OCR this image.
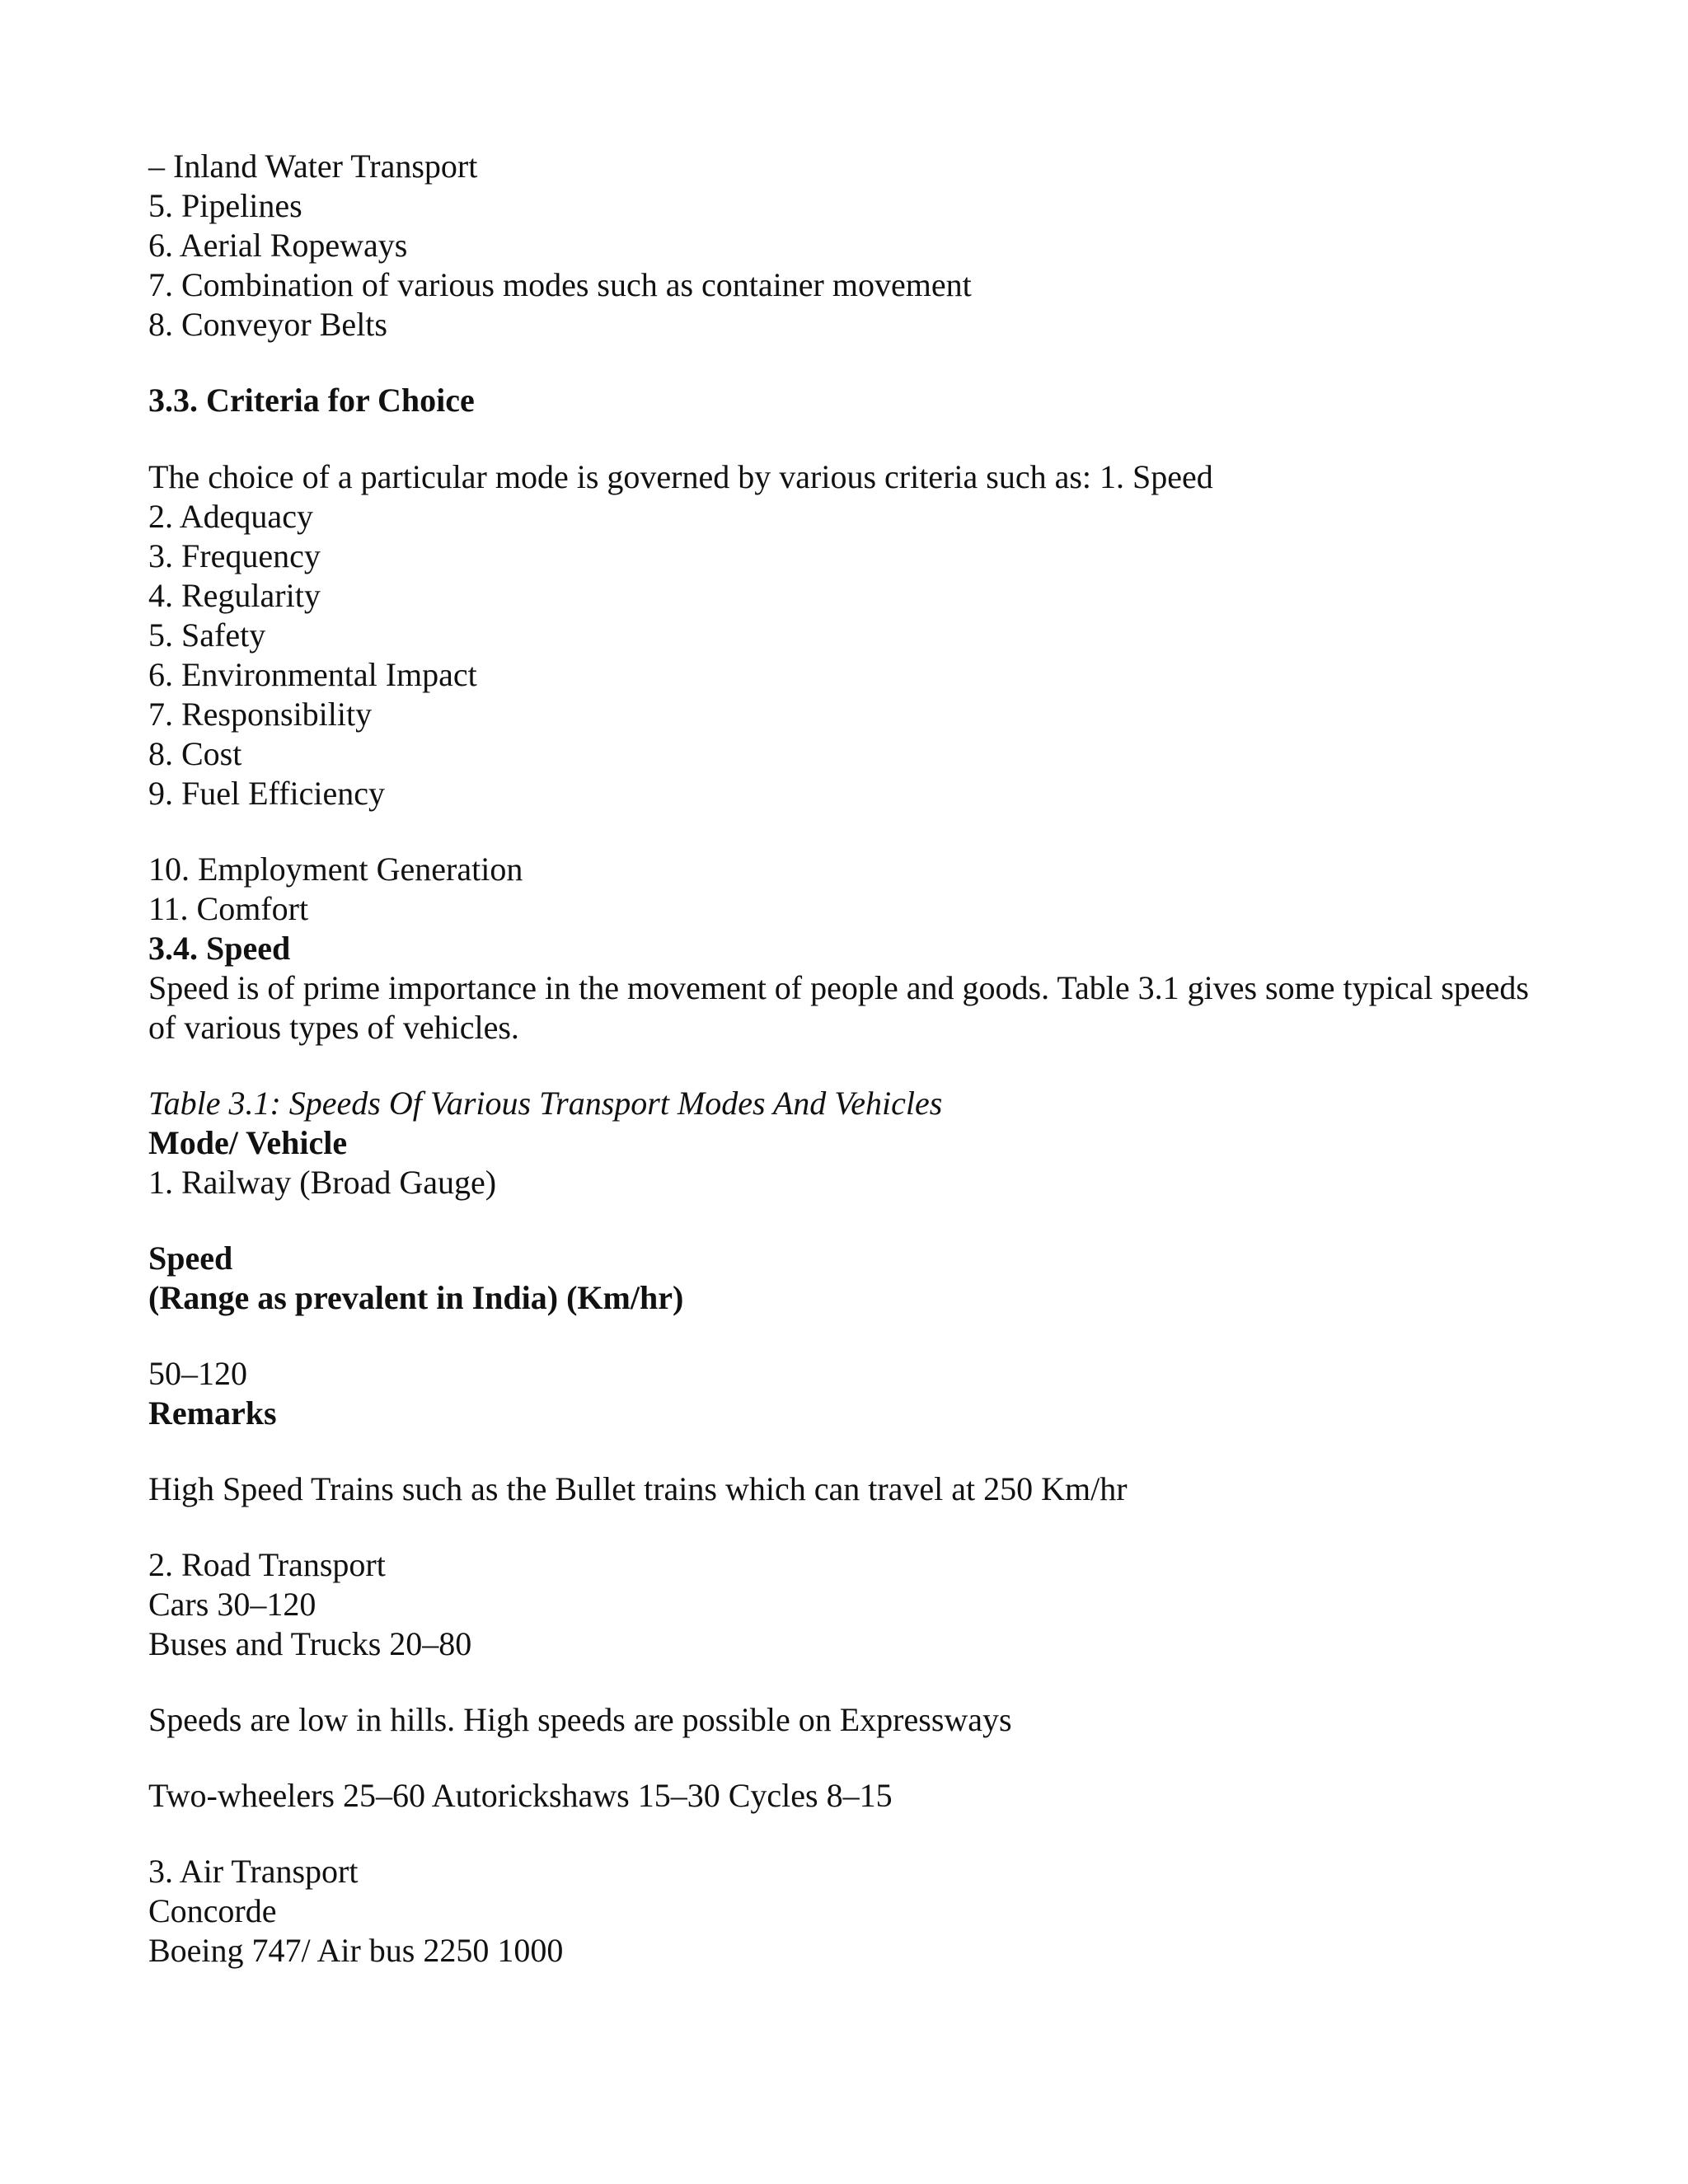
– Inland Water Transport

5. Pipelines

6. Aerial Ropeways

7. Combination of various modes such as container movement

8. Conveyor Belts

3.3. Criteria for Choice

The choice of a particular mode is governed by various criteria such as: 1. Speed

2. Adequacy

3. Frequency

4. Regularity

5. Safety

6. Environmental Impact

7. Responsibility

8. Cost

9. Fuel Efficiency

10. Employment Generation

11. Comfort

3.4. Speed

Speed is of prime importance in the movement of people and goods. Table 3.1 gives some typical speeds

of various types of vehicles.

Table 3.1: Speeds Of Various Transport Modes And Vehicles

Mode/ Vehicle

1. Railway (Broad Gauge)

Speed

(Range as prevalent in India) (Km/hr)

50–120

Remarks

High Speed Trains such as the Bullet trains which can travel at 250 Km/hr

2. Road Transport

Cars 30–120

Buses and Trucks 20–80

Speeds are low in hills. High speeds are possible on Expressways

Two-wheelers 25–60 Autorickshaws 15–30 Cycles 8–15

3. Air Transport

Concorde

Boeing 747/ Air bus 2250 1000
